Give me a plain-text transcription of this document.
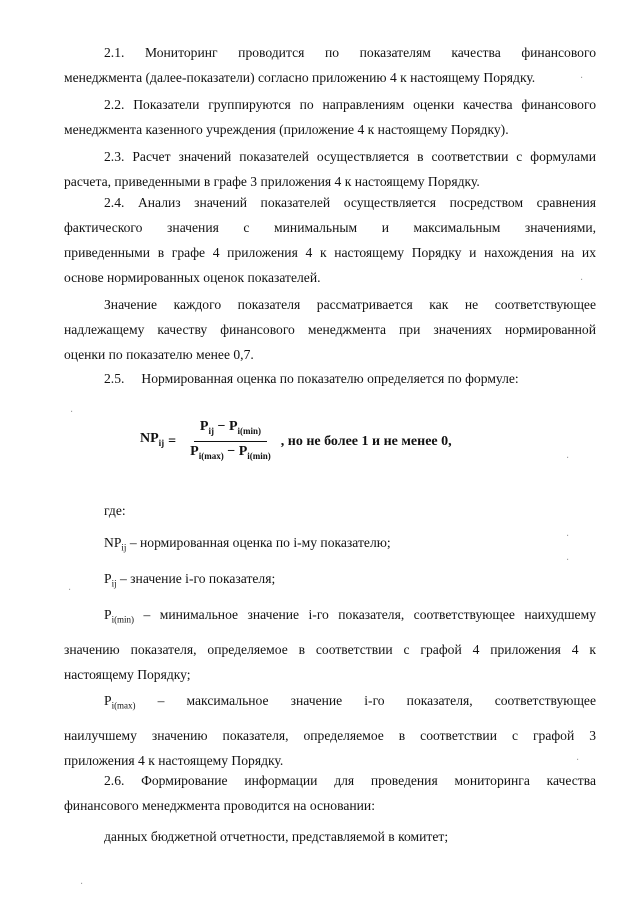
2.1. Мониторинг проводится по показателям качества финансового
менеджмента (далее-показатели) согласно приложению 4 к настоящему Порядку.
2.2. Показатели группируются по направлениям оценки качества финансового
менеджмента казенного учреждения (приложение 4 к настоящему Порядку).
2.3. Расчет значений показателей осуществляется в соответствии с формулами
расчета, приведенными в графе 3 приложения 4 к настоящему Порядку.
2.4. Анализ значений показателей осуществляется посредством сравнения
фактического значения с минимальным и максимальным значениями,
приведенными в графе 4 приложения 4 к настоящему Порядку и нахождения на их
основе нормированных оценок показателей.
Значение каждого показателя рассматривается как не соответствующее
надлежащему качеству финансового менеджмента при значениях нормированной
оценки по показателю менее 0,7.
2.5.     Нормированная оценка по показателю определяется по формуле:
$NP_{ij} = \frac{P_{ij} - P_{i(min)}}{P_{i(max)} - P_{i(min)}}$ , но не более 1 и не менее 0,
где:
$NP_{ij}$ – нормированная оценка по i-му показателю;
$P_{ij}$ – значение i-го показателя;
$P_{i(min)}$ – минимальное значение i-го показателя, соответствующее наихудшему
значению показателя, определяемое в соответствии с графой 4 приложения 4 к
настоящему Порядку;
$P_{i(max)}$ – максимальное значение i-го показателя, соответствующее
наилучшему значению показателя, определяемое в соответствии с графой 3
приложения 4 к настоящему Порядку.
2.6. Формирование информации для проведения мониторинга качества
финансового менеджмента проводится на основании:
данных бюджетной отчетности, представляемой в комитет;
·
·
·
·
·
·
·
·
·
